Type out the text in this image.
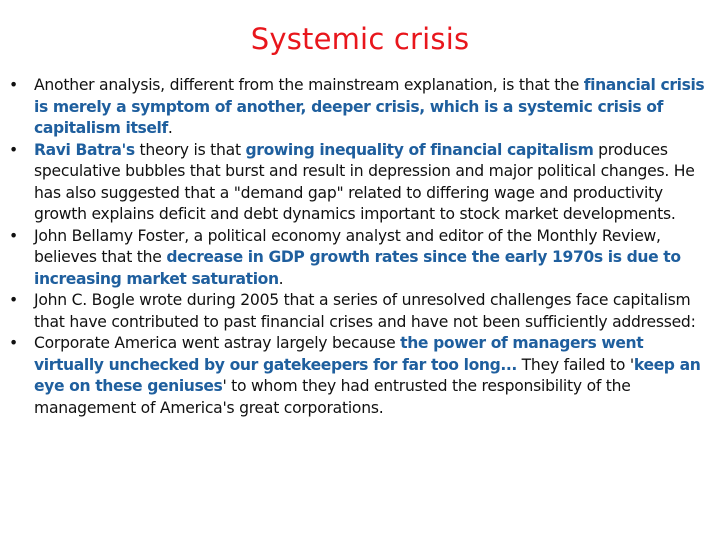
Systemic crisis
•	Another analysis, different from the mainstream explanation, is that the financial crisis is merely a symptom of another, deeper crisis, which is a systemic crisis of capitalism itself.
•	Ravi Batra's theory is that growing inequality of financial capitalism produces speculative bubbles that burst and result in depression and major political changes. He has also suggested that a "demand gap" related to differing wage and productivity growth explains deficit and debt dynamics important to stock market developments.
•	John Bellamy Foster, a political economy analyst and editor of the Monthly Review, believes that the decrease in GDP growth rates since the early 1970s is due to increasing market saturation.
•	John C. Bogle wrote during 2005 that a series of unresolved challenges face capitalism that have contributed to past financial crises and have not been sufficiently addressed:
•	Corporate America went astray largely because the power of managers went virtually unchecked by our gatekeepers for far too long... They failed to 'keep an eye on these geniuses' to whom they had entrusted the responsibility of the management of America's great corporations.
